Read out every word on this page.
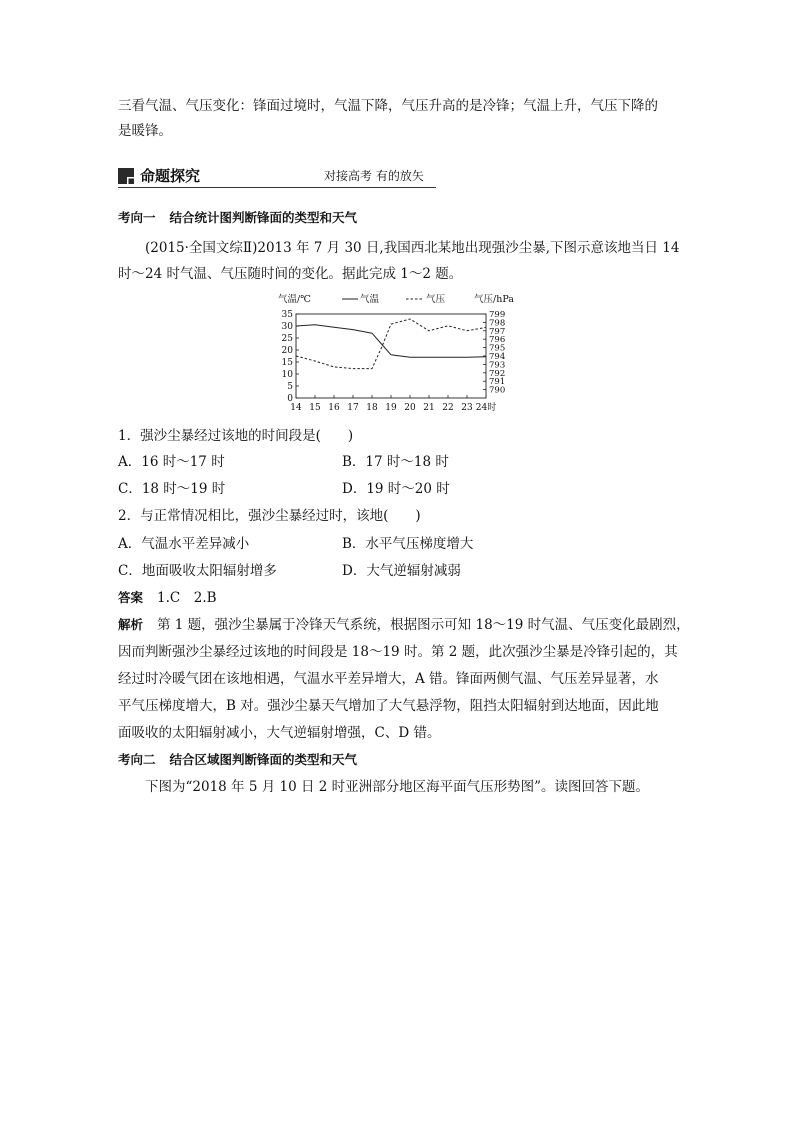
三看气温、气压变化：锋面过境时，气温下降，气压升高的是冷锋；气温上升，气压下降的
是暖锋。
命题探究	对接高考 有的放矢
考向一 结合统计图判断锋面的类型和天气
(2015·全国文综Ⅱ)2013 年 7 月 30 日,我国西北某地出现强沙尘暴,下图示意该地当日 14
时～24 时气温、气压随时间的变化。据此完成 1～2 题。
0
5
10
15
20
25
30
35
790
791
792
793
794
795
796
797
798
799
14 15 16 17 18 19 20 21 22 23 24时
气温/℃	气压/hPa
气温	气压
1．强沙尘暴经过该地的时间段是(　　)
A．16 时～17 时	B．17 时～18 时
C．18 时～19 时	D．19 时～20 时
2．与正常情况相比，强沙尘暴经过时，该地(　　)
A．气温水平差异减小	B．水平气压梯度增大
C．地面吸收太阳辐射增多	D．大气逆辐射减弱
答案 1.C　2.B
解析 第 1 题，强沙尘暴属于冷锋天气系统，根据图示可知 18～19 时气温、气压变化最剧烈，
因而判断强沙尘暴经过该地的时间段是 18～19 时。第 2 题，此次强沙尘暴是冷锋引起的，其
经过时冷暖气团在该地相遇，气温水平差异增大，A 错。锋面两侧气温、气压差异显著，水
平气压梯度增大，B 对。强沙尘暴天气增加了大气悬浮物，阻挡太阳辐射到达地面，因此地
面吸收的太阳辐射减小，大气逆辐射增强，C、D 错。
考向二 结合区域图判断锋面的类型和天气
下图为“2018 年 5 月 10 日 2 时亚洲部分地区海平面气压形势图”。读图回答下题。
